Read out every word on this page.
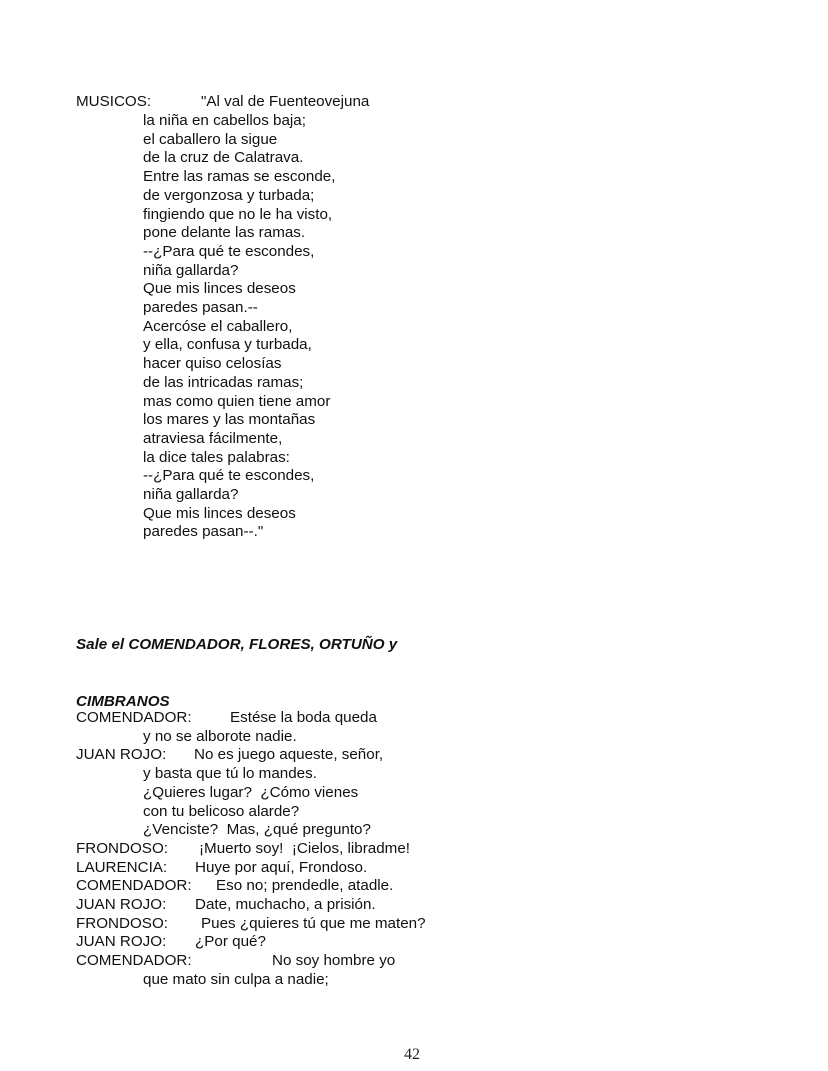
MUSICOS:	"Al val de Fuenteovejuna
la niña en cabellos baja;
el caballero la sigue
de la cruz de Calatrava.
Entre las ramas se esconde,
de vergonzosa y turbada;
fingiendo que no le ha visto,
pone delante las ramas.
--¿Para qué te escondes,
niña gallarda?
Que mis linces deseos
paredes pasan.--
Acercóse el caballero,
y ella, confusa y turbada,
hacer quiso celosías
de las intricadas ramas;
mas como quien tiene amor
los mares y las montañas
atraviesa fácilmente,
la dice tales palabras:
--¿Para qué te escondes,
niña gallarda?
Que mis linces deseos
paredes pasan--."

Sale el COMENDADOR, FLORES, ORTUÑO y

CIMBRANOS

COMENDADOR:	Estése la boda queda
y no se alborote nadie.
JUAN ROJO: No es juego aqueste, señor,
y basta que tú lo mandes.
¿Quieres lugar?  ¿Cómo vienes
con tu belicoso alarde?
¿Venciste?  Mas, ¿qué pregunto?
FRONDOSO: ¡Muerto soy!  ¡Cielos, libradme!
LAURENCIA: Huye por aquí, Frondoso.
COMENDADOR: Eso no; prendedle, atadle.
JUAN ROJO: Date, muchacho, a prisión.
FRONDOSO: Pues ¿quieres tú que me maten?
JUAN ROJO: ¿Por qué?
COMENDADOR:	No soy hombre yo
que mato sin culpa a nadie;
42
